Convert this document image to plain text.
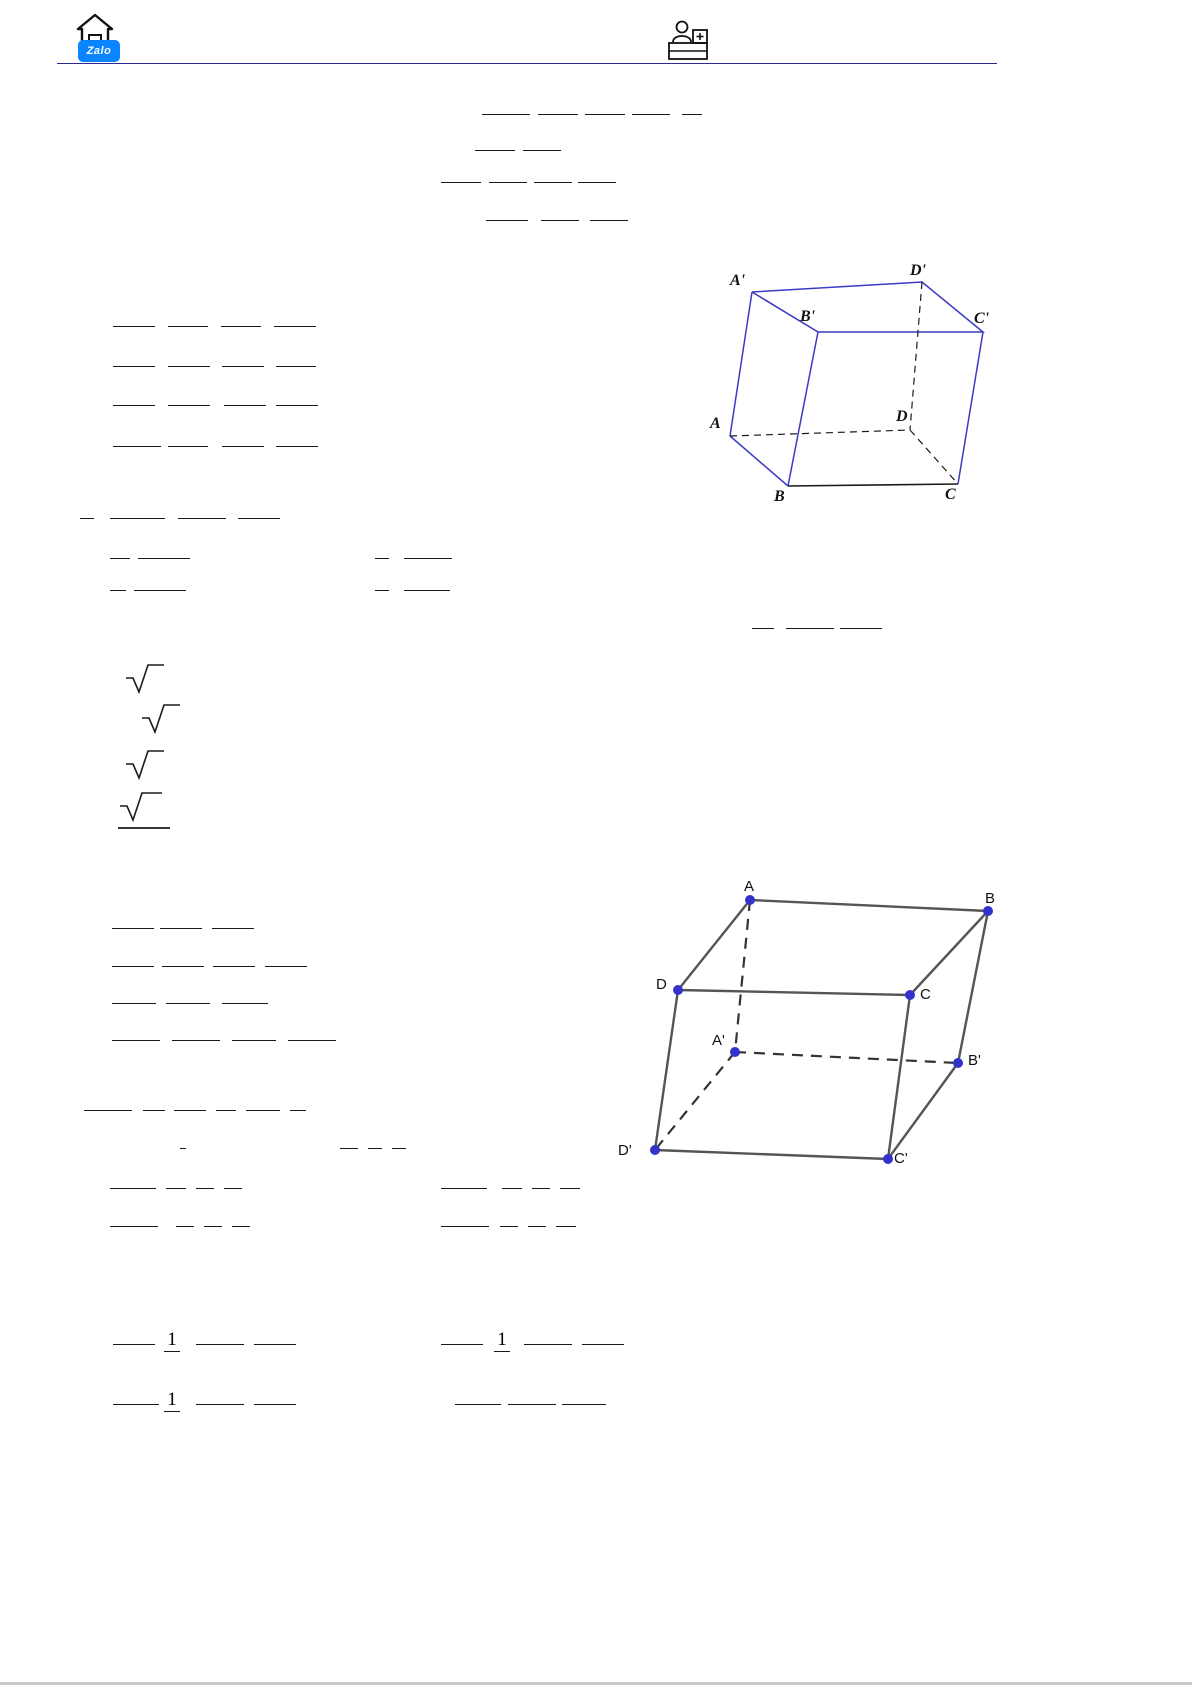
Zalo
1	1
1
A'
D'
B'	C'
A	D
B	C
A
B
D
C
A'
B'
D'	C'
